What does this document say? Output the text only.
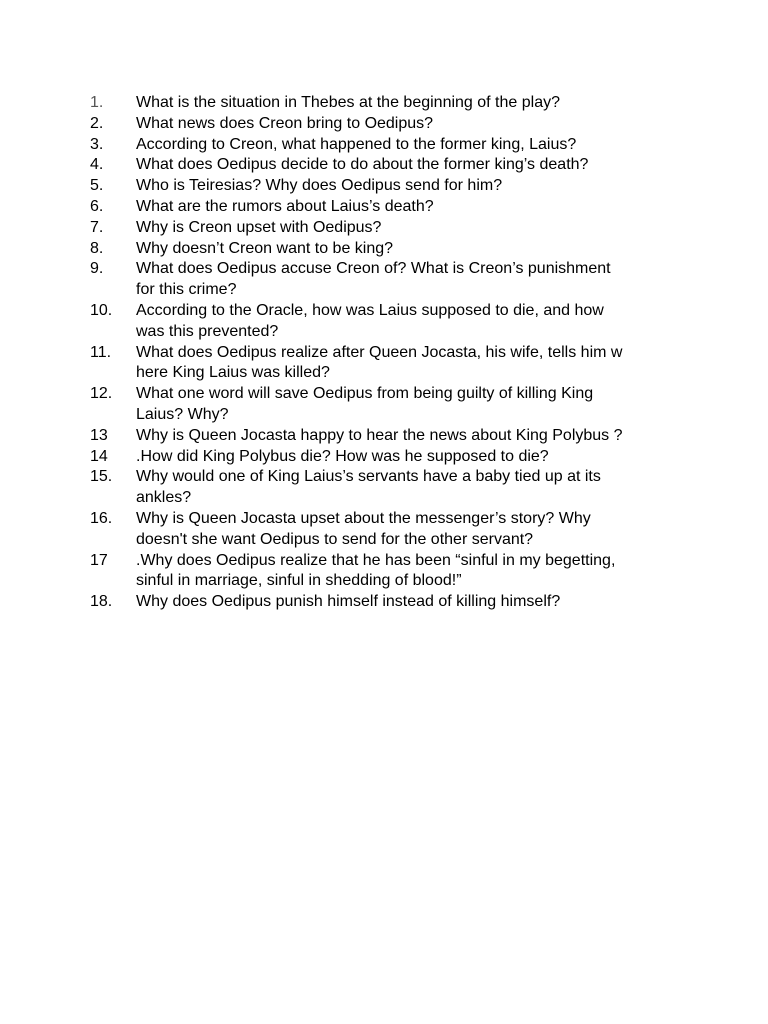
1. What is the situation in Thebes at the beginning of the play?
2. What news does Creon bring to Oedipus?
3. According to Creon, what happened to the former king, Laius?
4. What does Oedipus decide to do about the former king’s death?
5. Who is Teiresias? Why does Oedipus send for him?
6. What are the rumors about Laius’s death?
7. Why is Creon upset with Oedipus?
8. Why doesn’t Creon want to be king?
9. What does Oedipus accuse Creon of? What is Creon’s punishment
for this crime?
10. According to the Oracle, how was Laius supposed to die, and how
was this prevented?
11. What does Oedipus realize after Queen Jocasta, his wife, tells him w
here King Laius was killed?
12. What one word will save Oedipus from being guilty of killing King
Laius? Why?
13 Why is Queen Jocasta happy to hear the news about King Polybus ?
14 .How did King Polybus die? How was he supposed to die?
15. Why would one of King Laius’s servants have a baby tied up at its
ankles?
16. Why is Queen Jocasta upset about the messenger’s story? Why
doesn't she want Oedipus to send for the other servant?
17 .Why does Oedipus realize that he has been “sinful in my begetting,
sinful in marriage, sinful in shedding of blood!”
18. Why does Oedipus punish himself instead of killing himself?
